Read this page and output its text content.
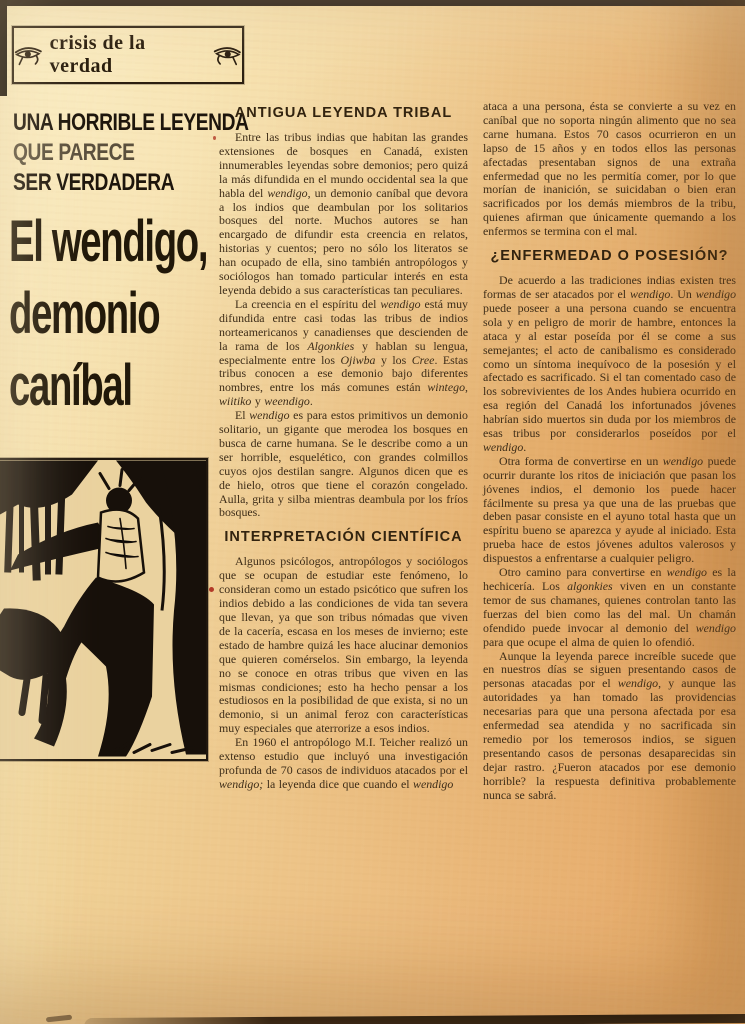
crisis de la verdad
UNA HORRIBLE LEYENDA
QUE PARECE
SER VERDADERA
El wendigo,
demonio
caníbal
ANTIGUA LEYENDA TRIBAL

Entre las tribus indias que habitan las grandes extensiones de bosques en Canadá, existen innumerables leyendas sobre demonios; pero quizá la más difundida en el mundo occidental sea la que habla del wendigo, un demonio caníbal que devora a los indios que deambulan por los solitarios bosques del norte. Muchos autores se han encargado de difundir esta creencia en relatos, historias y cuentos; pero no sólo los literatos se han ocupado de ella, sino también antropólogos y sociólogos han tomado particular interés en esta leyenda debido a sus características tan peculiares.

La creencia en el espíritu del wendigo está muy difundida entre casi todas las tribus de indios norteamericanos y canadienses que descienden de la rama de los Algonkies y hablan su lengua, especialmente entre los Ojiwba y los Cree. Estas tribus conocen a ese demonio bajo diferentes nombres, entre los más comunes están wintego, wiitiko y weendigo.

El wendigo es para estos primitivos un demonio solitario, un gigante que merodea los bosques en busca de carne humana. Se le describe como a un ser horrible, esquelético, con grandes colmillos cuyos ojos destilan sangre. Algunos dicen que es de hielo, otros que tiene el corazón congelado. Aulla, grita y silba mientras deambula por los fríos bosques.

INTERPRETACIÓN CIENTÍFICA

Algunos psicólogos, antropólogos y sociólogos que se ocupan de estudiar este fenómeno, lo consideran como un estado psicótico que sufren los indios debido a las condiciones de vida tan severa que llevan, ya que son tribus nómadas que viven de la cacería, escasa en los meses de invierno; este estado de hambre quizá les hace alucinar demonios que quieren comérselos. Sin embargo, la leyenda no se conoce en otras tribus que viven en las mismas condiciones; esto ha hecho pensar a los estudiosos en la posibilidad de que exista, si no un demonio, si un animal feroz con características muy especiales que aterrorize a esos indios.

En 1960 el antropólogo M.I. Teicher realizó un extenso estudio que incluyó una investigación profunda de 70 casos de individuos atacados por el wendigo; la leyenda dice que cuando el wendigo

ataca a una persona, ésta se convierte a su vez en caníbal que no soporta ningún alimento que no sea carne humana. Estos 70 casos ocurrieron en un lapso de 15 años y en todos ellos las personas afectadas presentaban signos de una extraña enfermedad que no les permitía comer, por lo que morían de inanición, se suicidaban o bien eran sacrificados por los demás miembros de la tribu, quienes afirman que únicamente quemando a los enfermos se termina con el mal.

¿ENFERMEDAD O POSESIÓN?

De acuerdo a las tradiciones indias existen tres formas de ser atacados por el wendigo. Un wendigo puede poseer a una persona cuando se encuentra sola y en peligro de morir de hambre, entonces la ataca y al estar poseída por él se come a sus semejantes; el acto de canibalismo es considerado como un síntoma inequívoco de la posesión y el afectado es sacrificado. Si el tan comentado caso de los sobrevivientes de los Andes hubiera ocurrido en esa región del Canadá los infortunados jóvenes habrían sido muertos sin duda por los miembros de esas tribus por considerarlos poseídos por el wendigo.

Otra forma de convertirse en un wendigo puede ocurrir durante los ritos de iniciación que pasan los jóvenes indios, el demonio los puede hacer fácilmente su presa ya que una de las pruebas que deben pasar consiste en el ayuno total hasta que un espíritu bueno se aparezca y ayude al iniciado. Esta prueba hace de estos jóvenes adultos valerosos y dispuestos a enfrentarse a cualquier peligro.

Otro camino para convertirse en wendigo es la hechicería. Los algonkies viven en un constante temor de sus chamanes, quienes controlan tanto las fuerzas del bien como las del mal. Un chamán ofendido puede invocar al demonio del wendigo para que ocupe el alma de quien lo ofendió.

Aunque la leyenda parece increíble sucede que en nuestros días se siguen presentando casos de personas atacadas por el wendigo, y aunque las autoridades ya han tomado las providencias necesarias para que una persona afectada por esa enfermedad sea atendida y no sacrificada sin remedio por los temerosos indios, se siguen presentando casos de personas desaparecidas sin dejar rastro. ¿Fueron atacados por ese demonio horrible? la respuesta definitiva probablemente nunca se sabrá.
